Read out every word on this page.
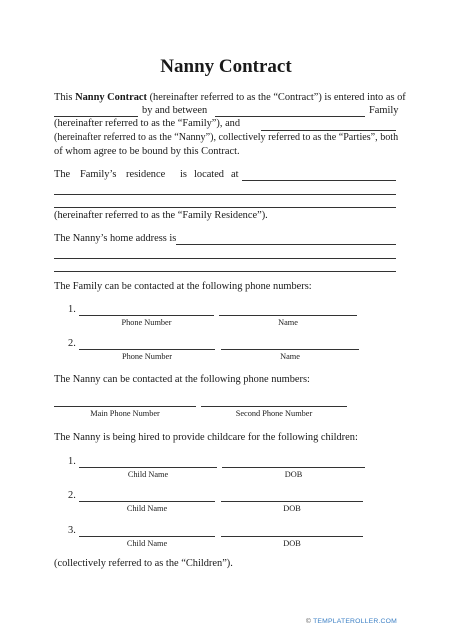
Nanny Contract
This Nanny Contract (hereinafter referred to as the “Contract”) is entered into as of
by and between	Family
(hereinafter referred to as the “Family”), and
(hereinafter referred to as the “Nanny”), collectively referred to as the “Parties”, both
of whom agree to be bound by this Contract.
The Family’s residence is located at
(hereinafter referred to as the “Family Residence”).
The Nanny’s home address is
The Family can be contacted at the following phone numbers:
1.
Phone Number	Name
2.
Phone Number	Name
The Nanny can be contacted at the following phone numbers:
Main Phone Number	Second Phone Number
The Nanny is being hired to provide childcare for the following children:
1.
Child Name	DOB
2.
Child Name	DOB
3.
Child Name	DOB
(collectively referred to as the “Children”).
© TEMPLATEROLLER.COM
